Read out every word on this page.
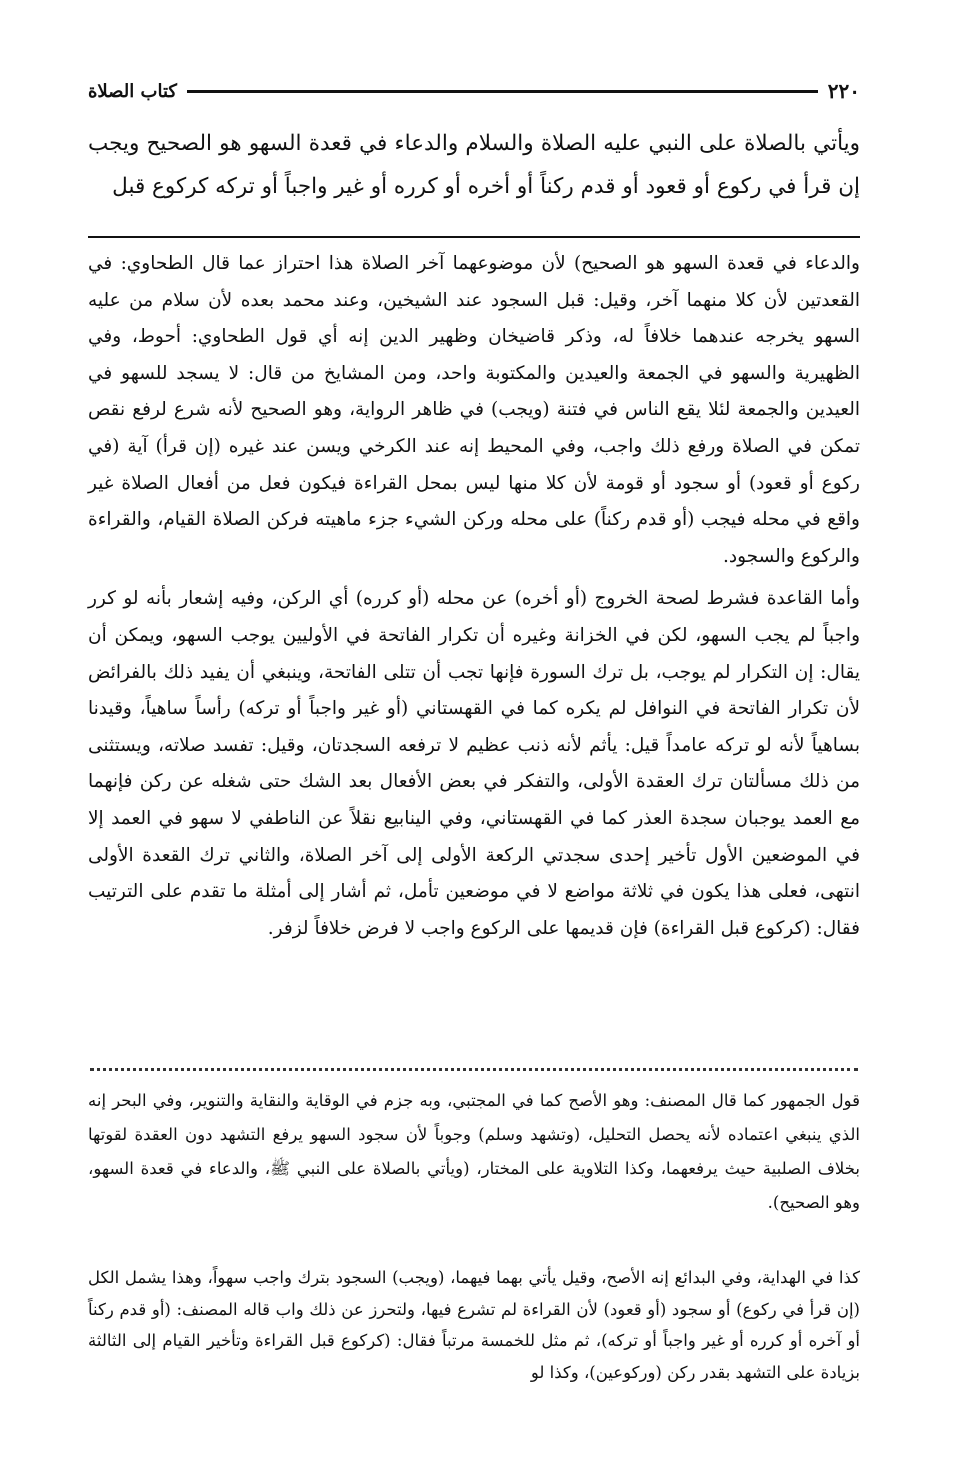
٢٢٠
كتاب الصلاة

ويأتي بالصلاة على النبي عليه الصلاة والسلام والدعاء في قعدة السهو هو الصحيح ويجب إن قرأ في ركوع أو قعود أو قدم ركناً أو أخره أو كرره أو غير واجباً أو تركه كركوع قبل

والدعاء في قعدة السهو هو الصحيح) لأن موضوعهما آخر الصلاة هذا احتراز عما قال الطحاوي: في القعدتين لأن كلا منهما آخر، وقيل: قبل السجود عند الشيخين، وعند محمد بعده لأن سلام من عليه السهو يخرجه عندهما خلافاً له، وذكر قاضيخان وظهير الدين إنه أي قول الطحاوي: أحوط، وفي الظهيرية والسهو في الجمعة والعيدين والمكتوبة واحد، ومن المشايخ من قال: لا يسجد للسهو في العيدين والجمعة لئلا يقع الناس في فتنة (ويجب) في ظاهر الرواية، وهو الصحيح لأنه شرع لرفع نقص تمكن في الصلاة ورفع ذلك واجب، وفي المحيط إنه عند الكرخي ويسن عند غيره (إن قرأ) آية (في ركوع أو قعود) أو سجود أو قومة لأن كلا منها ليس بمحل القراءة فيكون فعل من أفعال الصلاة غير واقع في محله فيجب (أو قدم ركناً) على محله وركن الشيء جزء ماهيته فركن الصلاة القيام، والقراءة والركوع والسجود.

وأما القاعدة فشرط لصحة الخروج (أو أخره) عن محله (أو كرره) أي الركن، وفيه إشعار بأنه لو كرر واجباً لم يجب السهو، لكن في الخزانة وغيره أن تكرار الفاتحة في الأوليين يوجب السهو، ويمكن أن يقال: إن التكرار لم يوجب، بل ترك السورة فإنها تجب أن تتلى الفاتحة، وينبغي أن يفيد ذلك بالفرائض لأن تكرار الفاتحة في النوافل لم يكره كما في القهستاني (أو غير واجباً أو تركه) رأساً ساهياً، وقيدنا بساهياً لأنه لو تركه عامداً قيل: يأثم لأنه ذنب عظيم لا ترفعه السجدتان، وقيل: تفسد صلاته، ويستثنى من ذلك مسألتان ترك العقدة الأولى، والتفكر في بعض الأفعال بعد الشك حتى شغله عن ركن فإنهما مع العمد يوجبان سجدة العذر كما في القهستاني، وفي الينابيع نقلاً عن الناطفي لا سهو في العمد إلا في الموضعين الأول تأخير إحدى سجدتي الركعة الأولى إلى آخر الصلاة، والثاني ترك القعدة الأولى انتهى، فعلى هذا يكون في ثلاثة مواضع لا في موضعين تأمل، ثم أشار إلى أمثلة ما تقدم على الترتيب فقال: (كركوع قبل القراءة) فإن قديمها على الركوع واجب لا فرض خلافاً لزفر.

قول الجمهور كما قال المصنف: وهو الأصح كما في المجتبي، وبه جزم في الوقاية والنقاية والتنوير، وفي البحر إنه الذي ينبغي اعتماده لأنه يحصل التحليل، (وتشهد وسلم) وجوباً لأن سجود السهو يرفع التشهد دون العقدة لقوتها بخلاف الصلبية حيث يرفعهما، وكذا التلاوية على المختار، (ويأتي بالصلاة على النبي ﷺ، والدعاء في قعدة السهو، وهو الصحيح).

كذا في الهداية، وفي البدائع إنه الأصح، وقيل يأتي بهما فيهما، (ويجب) السجود بترك واجب سهواً، وهذا يشمل الكل (إن قرأ في ركوع) أو سجود (أو قعود) لأن القراءة لم تشرع فيها، ولتحرز عن ذلك واب قاله المصنف: (أو قدم ركناً أو آخره أو كرره أو غير واجباً أو تركه)، ثم مثل للخمسة مرتباً فقال: (كركوع قبل القراءة وتأخير القيام إلى الثالثة بزيادة على التشهد بقدر ركن (وركوعين)، وكذا لو
